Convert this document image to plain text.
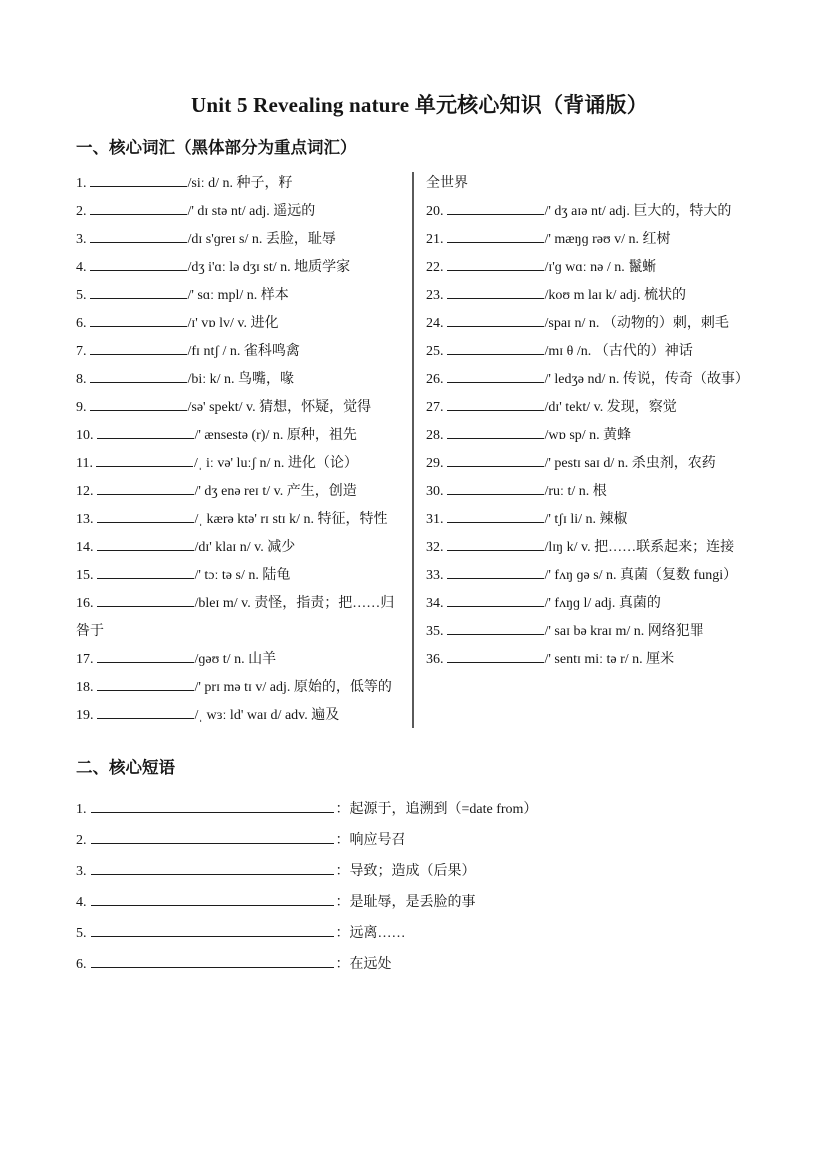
Unit 5 Revealing nature 单元核心知识（背诵版）
一、核心词汇（黑体部分为重点词汇）

1.	/siː d/ n. 种子，籽

2.	/' dɪ stə nt/ adj. 遥远的

3.	/dɪ s'ɡreɪ s/ n. 丢脸，耻辱

4.	/dʒ i'ɑː lə dʒɪ st/ n. 地质学家

5.	/' sɑː mpl/ n. 样本

6.	/ɪ' vɒ lv/ v. 进化

7.	/fɪ ntʃ / n. 雀科鸣禽

8.	/biː k/ n. 鸟嘴，喙

9.	/sə' spekt/ v. 猜想，怀疑，觉得

10.	/' ænsestə (r)/ n. 原种，祖先

11.	/ˌ iː və' luːʃ n/ n. 进化（论）

12.	/' dʒ enə reɪ t/ v. 产生，创造

13.	/ˌ kærə ktə' rɪ stɪ k/ n. 特征，特性

14.	/dɪ' klaɪ n/ v. 减少

15.	/' tɔː tə s/ n. 陆龟

16.	/bleɪ m/ v. 责怪，指责；把……归咎于

17.	/ɡəʊ t/ n. 山羊

18.	/' prɪ mə tɪ v/ adj. 原始的，低等的

19.	/ˌ wɜː ld' waɪ d/ adv. 遍及

全世界

20.	/' dʒ aɪə nt/ adj. 巨大的，特大的

21.	/' mæŋɡ rəʊ v/ n. 红树

22.	/ɪ'ɡ wɑː nə / n. 鬣蜥

23.	/koʊ m laɪ k/ adj. 梳状的

24.	/spaɪ n/ n. （动物的）刺，刺毛

25.	/mɪ θ /n. （古代的）神话

26.	/' ledʒə nd/ n. 传说，传奇（故事）

27.	/dɪ' tekt/ v. 发现，察觉

28.	/wɒ sp/ n. 黄蜂

29.	/' pestɪ saɪ d/ n. 杀虫剂，农药

30.	/ruː t/ n. 根

31.	/' tʃɪ li/ n. 辣椒

32.	/lɪŋ k/ v. 把……联系起来；连接

33.	/' fʌŋ ɡə s/ n. 真菌（复数 fungi）

34.	/' fʌŋɡ l/ adj. 真菌的

35.	/' saɪ bə kraɪ m/ n. 网络犯罪

36.	/' sentɪ miː tə r/ n. 厘米

二、核心短语

1.	：起源于，追溯到（=date from）

2.	：响应号召

3.	：导致；造成（后果）

4.	：是耻辱，是丢脸的事

5.	：远离……

6.	：在远处
